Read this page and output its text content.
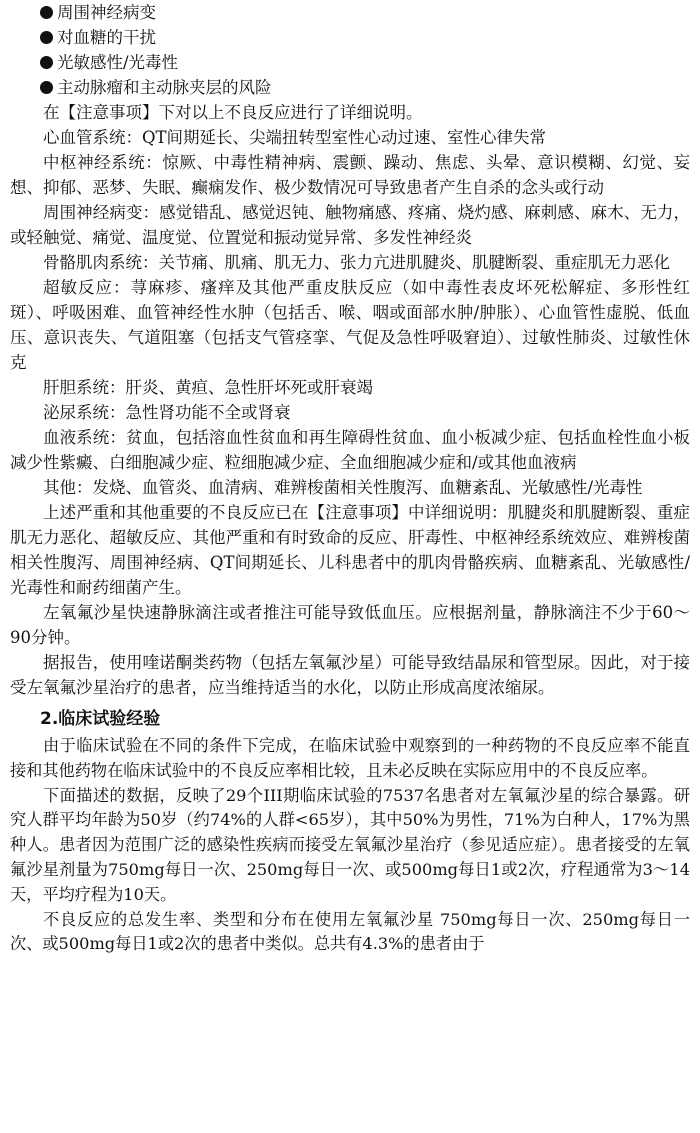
周围神经病变
对血糖的干扰
光敏感性/光毒性
主动脉瘤和主动脉夹层的风险

在【注意事项】下对以上不良反应进行了详细说明。

心血管系统：QT间期延长、尖端扭转型室性心动过速、室性心律失常

中枢神经系统：惊厥、中毒性精神病、震颤、躁动、焦虑、头晕、意识模糊、幻觉、妄想、抑郁、恶梦、失眠、癫痫发作、极少数情况可导致患者产生自杀的念头或行动

周围神经病变：感觉错乱、感觉迟钝、触物痛感、疼痛、烧灼感、麻刺感、麻木、无力，或轻触觉、痛觉、温度觉、位置觉和振动觉异常、多发性神经炎

骨骼肌肉系统：关节痛、肌痛、肌无力、张力亢进肌腱炎、肌腱断裂、重症肌无力恶化

超敏反应：荨麻疹、瘙痒及其他严重皮肤反应（如中毒性表皮坏死松解症、多形性红斑）、呼吸困难、血管神经性水肿（包括舌、喉、咽或面部水肿/肿胀）、心血管性虚脱、低血压、意识丧失、气道阻塞（包括支气管痉挛、气促及急性呼吸窘迫）、过敏性肺炎、过敏性休克

肝胆系统：肝炎、黄疸、急性肝坏死或肝衰竭

泌尿系统：急性肾功能不全或肾衰

血液系统：贫血，包括溶血性贫血和再生障碍性贫血、血小板减少症、包括血栓性血小板减少性紫癜、白细胞减少症、粒细胞减少症、全血细胞减少症和/或其他血液病

其他：发烧、血管炎、血清病、难辨梭菌相关性腹泻、血糖紊乱、光敏感性/光毒性

上述严重和其他重要的不良反应已在【注意事项】中详细说明：肌腱炎和肌腱断裂、重症肌无力恶化、超敏反应、其他严重和有时致命的反应、肝毒性、中枢神经系统效应、难辨梭菌相关性腹泻、周围神经病、QT间期延长、儿科患者中的肌肉骨骼疾病、血糖紊乱、光敏感性/光毒性和耐药细菌产生。

左氧氟沙星快速静脉滴注或者推注可能导致低血压。应根据剂量，静脉滴注不少于60～90分钟。

据报告，使用喹诺酮类药物（包括左氧氟沙星）可能导致结晶尿和管型尿。因此，对于接受左氧氟沙星治疗的患者，应当维持适当的水化，以防止形成高度浓缩尿。

2.临床试验经验

由于临床试验在不同的条件下完成，在临床试验中观察到的一种药物的不良反应率不能直接和其他药物在临床试验中的不良反应率相比较，且未必反映在实际应用中的不良反应率。

下面描述的数据，反映了29个III期临床试验的7537名患者对左氧氟沙星的综合暴露。研究人群平均年龄为50岁（约74%的人群<65岁），其中50%为男性，71%为白种人，17%为黑种人。患者因为范围广泛的感染性疾病而接受左氧氟沙星治疗（参见适应症）。患者接受的左氧氟沙星剂量为750mg每日一次、250mg每日一次、或500mg每日1或2次，疗程通常为3～14天，平均疗程为10天。

不良反应的总发生率、类型和分布在使用左氧氟沙星 750mg每日一次、250mg每日一次、或500mg每日1或2次的患者中类似。总共有4.3%的患者由于
